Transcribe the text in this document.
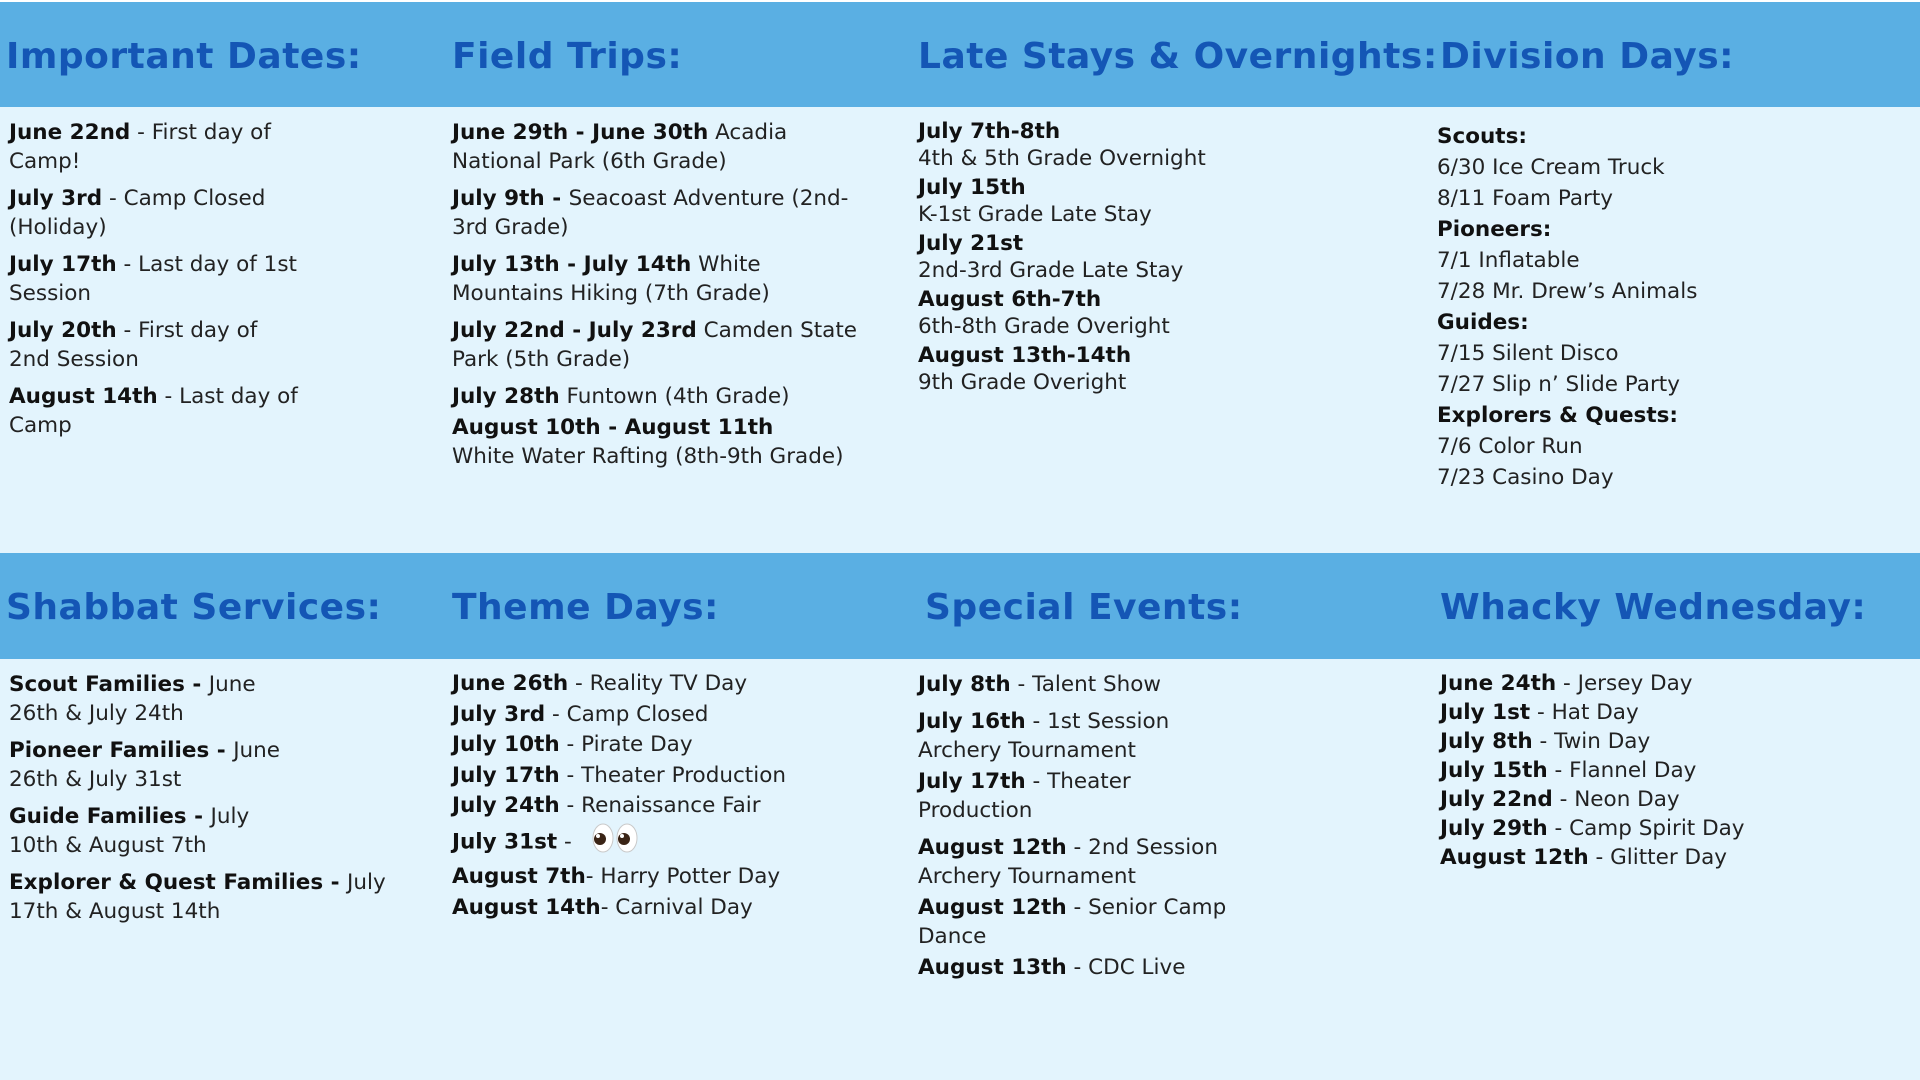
Important Dates:	Field Trips:	Late Stays & Overnights: Division Days:
Shabbat Services: Theme Days:	Special Events:	Whacky Wednesday:
June 22nd - First day of Camp!
July 3rd - Camp Closed (Holiday)
July 17th - Last day of 1st Session
July 20th - First day of 2nd Session
August 14th - Last day of Camp
June 29th - June 30th Acadia National Park (6th Grade)
July 9th - Seacoast Adventure (2nd-3rd Grade)
July 13th - July 14th White Mountains Hiking (7th Grade)
July 22nd - July 23rd Camden State Park (5th Grade)
July 28th Funtown (4th Grade)
August 10th - August 11th
White Water Rafting (8th-9th Grade)
July 7th-8th
4th & 5th Grade Overnight
July 15th
K-1st Grade Late Stay
July 21st
2nd-3rd Grade Late Stay
August 6th-7th
6th-8th Grade Overight
August 13th-14th
9th Grade Overight
Scouts:
6/30 Ice Cream Truck
8/11 Foam Party
Pioneers:
7/1 Inflatable
7/28 Mr. Drew’s Animals
Guides:
7/15 Silent Disco
7/27 Slip n’ Slide Party
Explorers & Quests:
7/6 Color Run
7/23 Casino Day
Scout Families - June 26th & July 24th
Pioneer Families - June 26th & July 31st
Guide Families - July 10th & August 7th
Explorer & Quest Families - July 17th & August 14th
June 26th - Reality TV Day
July 3rd - Camp Closed
July 10th - Pirate Day
July 17th - Theater Production
July 24th - Renaissance Fair
July 31st -
August 7th- Harry Potter Day
August 14th- Carnival Day
July 8th - Talent Show
July 16th - 1st Session Archery Tournament
July 17th - Theater Production
August 12th - 2nd Session Archery Tournament
August 12th - Senior Camp Dance
August 13th - CDC Live
June 24th - Jersey Day
July 1st - Hat Day
July 8th - Twin Day
July 15th - Flannel Day
July 22nd - Neon Day
July 29th - Camp Spirit Day
August 12th - Glitter Day
